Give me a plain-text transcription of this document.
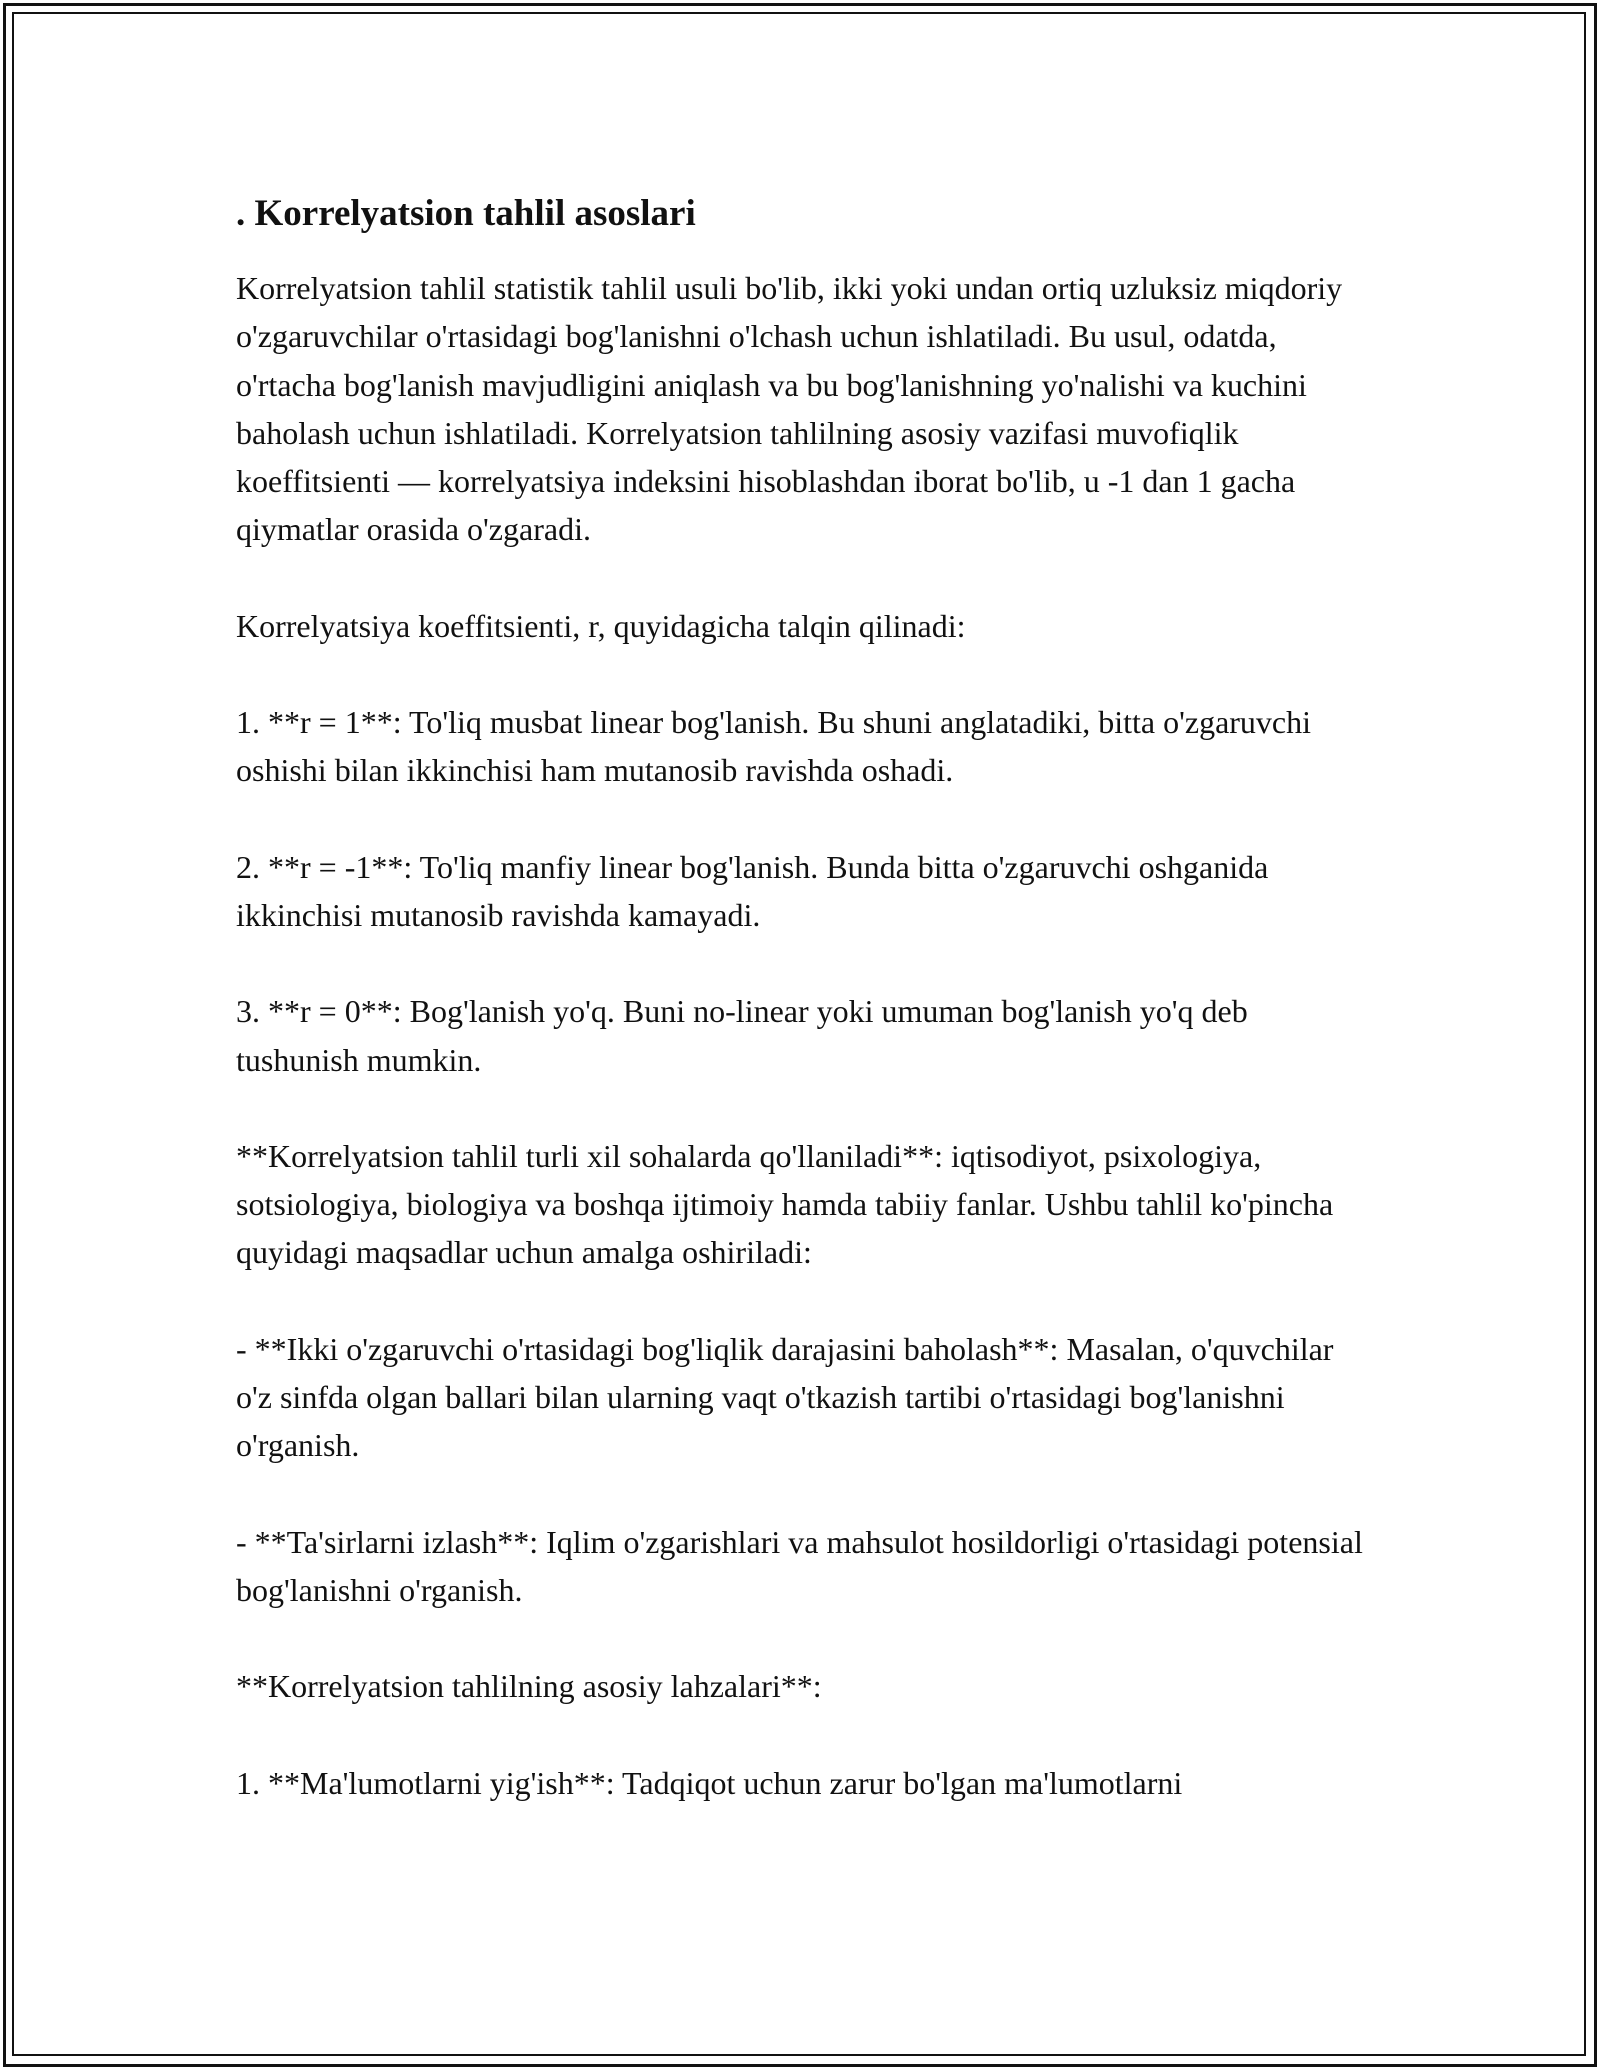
. Korrelyatsion tahlil asoslari

Korrelyatsion tahlil statistik tahlil usuli bo'lib, ikki yoki undan ortiq uzluksiz miqdoriy o'zgaruvchilar o'rtasidagi bog'lanishni o'lchash uchun ishlatiladi. Bu usul, odatda, o'rtacha bog'lanish mavjudligini aniqlash va bu bog'lanishning yo'nalishi va kuchini baholash uchun ishlatiladi. Korrelyatsion tahlilning asosiy vazifasi muvofiqlik koeffitsienti — korrelyatsiya indeksini hisoblashdan iborat bo'lib, u -1 dan 1 gacha qiymatlar orasida o'zgaradi.

Korrelyatsiya koeffitsienti, r, quyidagicha talqin qilinadi:

1. **r = 1**: To'liq musbat linear bog'lanish. Bu shuni anglatadiki, bitta o'zgaruvchi oshishi bilan ikkinchisi ham mutanosib ravishda oshadi.

2. **r = -1**: To'liq manfiy linear bog'lanish. Bunda bitta o'zgaruvchi oshganida ikkinchisi mutanosib ravishda kamayadi.

3. **r = 0**: Bog'lanish yo'q. Buni no-linear yoki umuman bog'lanish yo'q deb tushunish mumkin.

**Korrelyatsion tahlil turli xil sohalarda qo'llaniladi**: iqtisodiyot, psixologiya, sotsiologiya, biologiya va boshqa ijtimoiy hamda tabiiy fanlar. Ushbu tahlil ko'pincha quyidagi maqsadlar uchun amalga oshiriladi:

- **Ikki o'zgaruvchi o'rtasidagi bog'liqlik darajasini baholash**: Masalan, o'quvchilar o'z sinfda olgan ballari bilan ularning vaqt o'tkazish tartibi o'rtasidagi bog'lanishni o'rganish.

- **Ta'sirlarni izlash**: Iqlim o'zgarishlari va mahsulot hosildorligi o'rtasidagi potensial bog'lanishni o'rganish.

**Korrelyatsion tahlilning asosiy lahzalari**:

1. **Ma'lumotlarni yig'ish**: Tadqiqot uchun zarur bo'lgan ma'lumotlarni
